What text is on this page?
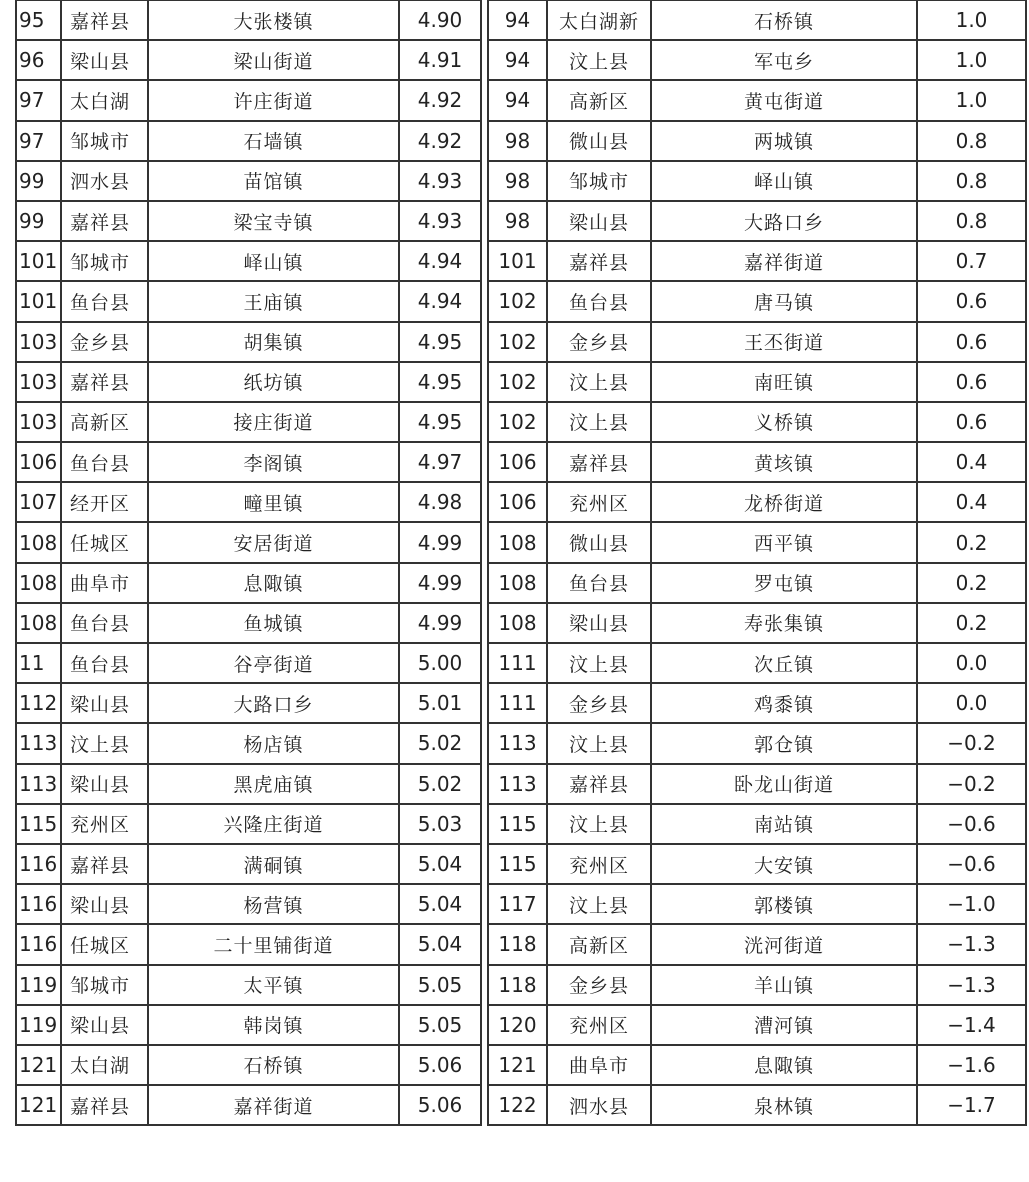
95	嘉祥县	大张楼镇	4.90
96	梁山县	梁山街道	4.91
97	太白湖	许庄街道	4.92
97	邹城市	石墙镇	4.92
99	泗水县	苗馆镇	4.93
99	嘉祥县	梁宝寺镇	4.93
101	邹城市	峄山镇	4.94
101	鱼台县	王庙镇	4.94
103	金乡县	胡集镇	4.95
103	嘉祥县	纸坊镇	4.95
103	高新区	接庄街道	4.95
106	鱼台县	李阁镇	4.97
107	经开区	疃里镇	4.98
108	任城区	安居街道	4.99
108	曲阜市	息陬镇	4.99
108	鱼台县	鱼城镇	4.99
11	鱼台县	谷亭街道	5.00
112	梁山县	大路口乡	5.01
113	汶上县	杨店镇	5.02
113	梁山县	黑虎庙镇	5.02
115	兖州区	兴隆庄街道	5.03
116	嘉祥县	满硐镇	5.04
116	梁山县	杨营镇	5.04
116	任城区	二十里铺街道	5.04
119	邹城市	太平镇	5.05
119	梁山县	韩岗镇	5.05
121	太白湖	石桥镇	5.06
121	嘉祥县	嘉祥街道	5.06
94	太白湖新	石桥镇	1.0
94	汶上县	军屯乡	1.0
94	高新区	黄屯街道	1.0
98	微山县	两城镇	0.8
98	邹城市	峄山镇	0.8
98	梁山县	大路口乡	0.8
101	嘉祥县	嘉祥街道	0.7
102	鱼台县	唐马镇	0.6
102	金乡县	王丕街道	0.6
102	汶上县	南旺镇	0.6
102	汶上县	义桥镇	0.6
106	嘉祥县	黄垓镇	0.4
106	兖州区	龙桥街道	0.4
108	微山县	西平镇	0.2
108	鱼台县	罗屯镇	0.2
108	梁山县	寿张集镇	0.2
111	汶上县	次丘镇	0.0
111	金乡县	鸡黍镇	0.0
113	汶上县	郭仓镇	−0.2
113	嘉祥县	卧龙山街道	−0.2
115	汶上县	南站镇	−0.6
115	兖州区	大安镇	−0.6
117	汶上县	郭楼镇	−1.0
118	高新区	洸河街道	−1.3
118	金乡县	羊山镇	−1.3
120	兖州区	漕河镇	−1.4
121	曲阜市	息陬镇	−1.6
122	泗水县	泉林镇	−1.7
